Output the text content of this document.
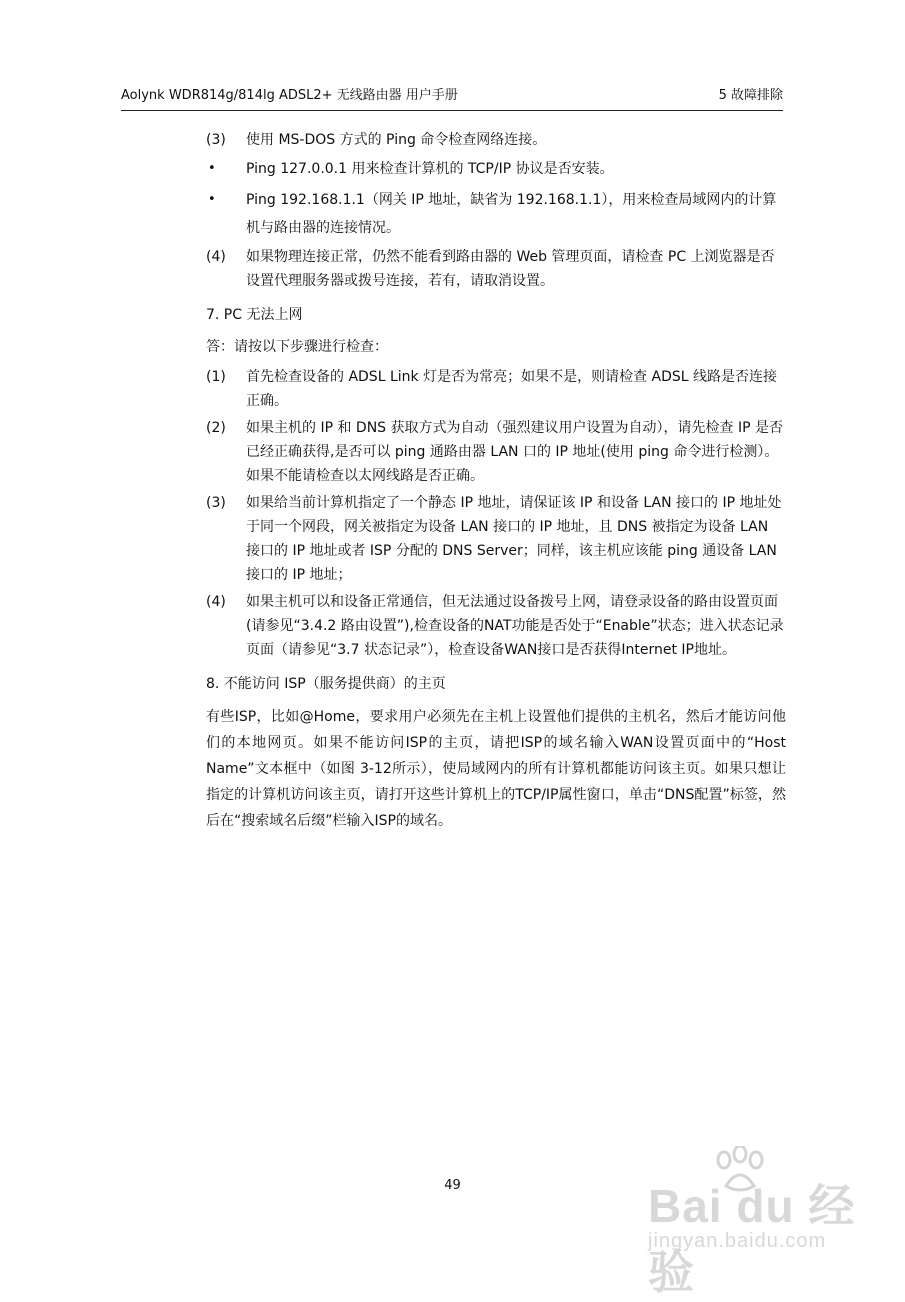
Aolynk WDR814g/814lg ADSL2+ 无线路由器 用户手册	5 故障排除
(3) 使用 MS-DOS 方式的 Ping 命令检查网络连接。
• Ping 127.0.0.1 用来检查计算机的 TCP/IP 协议是否安装。
• Ping 192.168.1.1（网关 IP 地址，缺省为 192.168.1.1），用来检查局域网内的计算机与路由器的连接情况。
(4) 如果物理连接正常，仍然不能看到路由器的 Web 管理页面，请检查 PC 上浏览器是否设置代理服务器或拨号连接，若有，请取消设置。
7. PC 无法上网
答：请按以下步骤进行检查：
(1) 首先检查设备的 ADSL Link 灯是否为常亮；如果不是，则请检查 ADSL 线路是否连接正确。
(2) 如果主机的 IP 和 DNS 获取方式为自动（强烈建议用户设置为自动），请先检查 IP 是否已经正确获得,是否可以 ping 通路由器 LAN 口的 IP 地址(使用 ping 命令进行检测）。如果不能请检查以太网线路是否正确。
(3) 如果给当前计算机指定了一个静态 IP 地址，请保证该 IP 和设备 LAN 接口的 IP 地址处于同一个网段，网关被指定为设备 LAN 接口的 IP 地址，且 DNS 被指定为设备 LAN 接口的 IP 地址或者 ISP 分配的 DNS Server；同样，该主机应该能 ping 通设备 LAN 接口的 IP 地址；
(4) 如果主机可以和设备正常通信，但无法通过设备拨号上网，请登录设备的路由设置页面(请参见“3.4.2 路由设置”),检查设备的NAT功能是否处于“Enable”状态；进入状态记录页面（请参见“3.7 状态记录”），检查设备WAN接口是否获得Internet IP地址。
8. 不能访问 ISP（服务提供商）的主页
有些ISP，比如@Home，要求用户必须先在主机上设置他们提供的主机名，然后才能访问他们的本地网页。如果不能访问ISP的主页，请把ISP的域名输入WAN设置页面中的“Host Name”文本框中（如图 3-12所示），使局域网内的所有计算机都能访问该主页。如果只想让指定的计算机访问该主页，请打开这些计算机上的TCP/IP属性窗口，单击“DNS配置”标签，然后在“搜索域名后缀”栏输入ISP的域名。
49	Bai du 经验
jingyan.baidu.com
